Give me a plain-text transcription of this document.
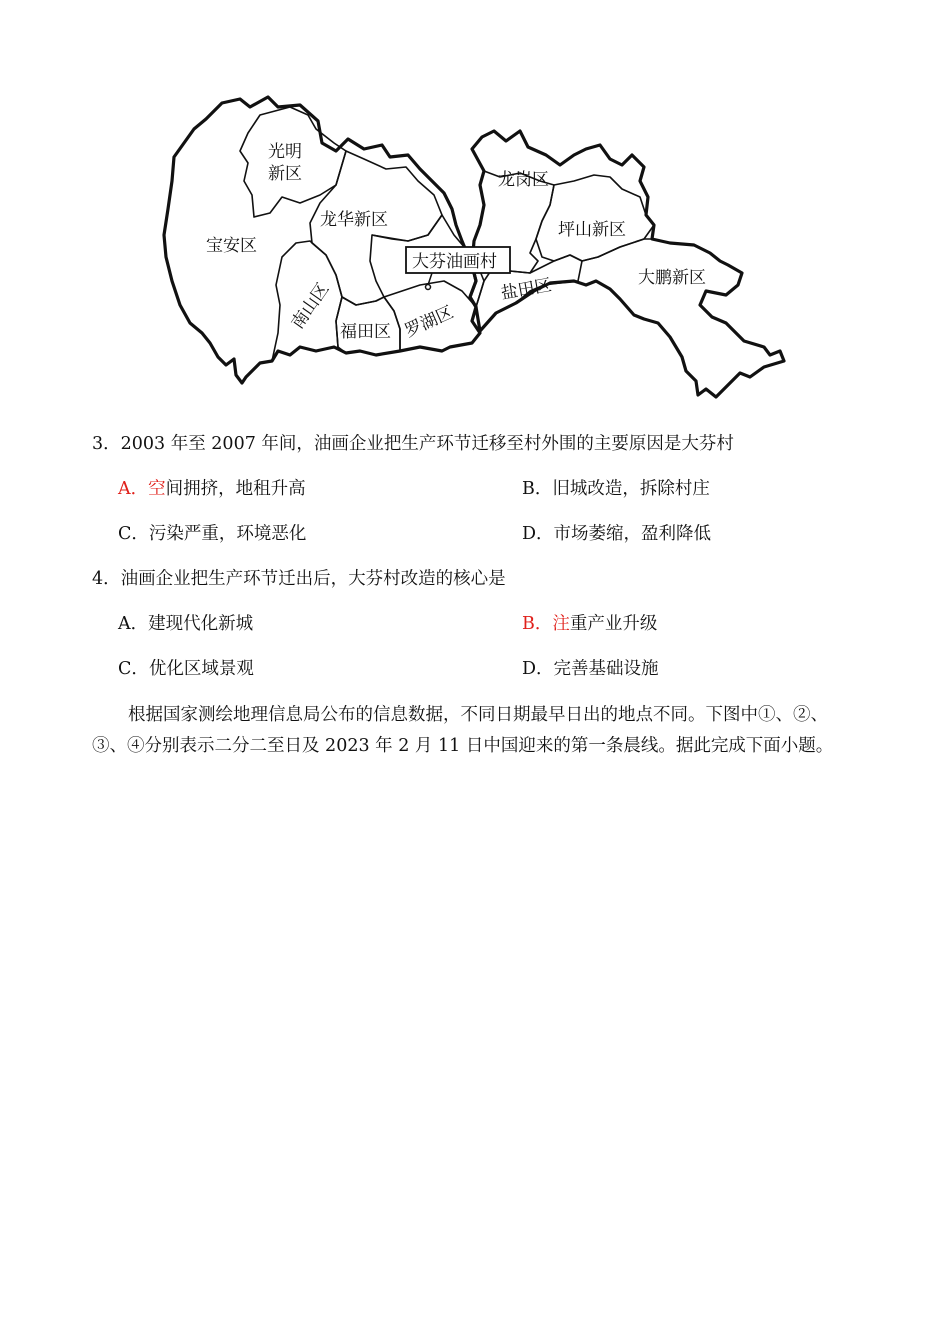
光明
新区
宝安区
龙华新区
南山区 福田区 罗湖区
大芬油画村
龙岗区
坪山新区
盐田区	大鹏新区
3．2003 年至 2007 年间，油画企业把生产环节迁移至村外围的主要原因是大芬村
A．空间拥挤，地租升高	B．旧城改造，拆除村庄
C．污染严重，环境恶化	D．市场萎缩，盈利降低
4．油画企业把生产环节迁出后，大芬村改造的核心是
A．建现代化新城	B．注重产业升级
C．优化区域景观	D．完善基础设施
根据国家测绘地理信息局公布的信息数据，不同日期最早日出的地点不同。下图中①、②、③、④分别表示二分二至日及 2023 年 2 月 11 日中国迎来的第一条晨线。据此完成下面小题。
